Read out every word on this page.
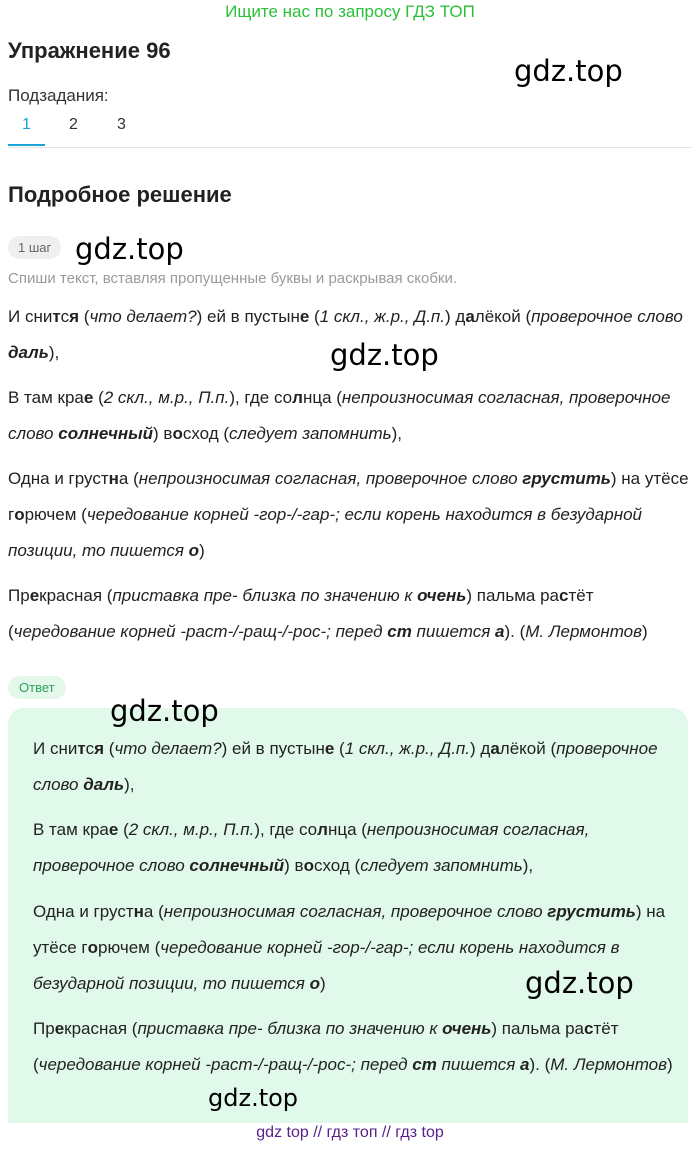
Ищите нас по запросу ГДЗ ТОП
Упражнение 96
gdz.top
Подзадания:
1 2 3
Подробное решение
1 шаг gdz.top
Спиши текст, вставляя пропущенные буквы и раскрывая скобки.
И снится (что делает?) ей в пустыне (1 скл., ж.р., Д.п.) далёкой (проверочное слово даль),	gdz.top
В там крае (2 скл., м.р., П.п.), где солнца (непроизносимая согласная, проверочное слово солнечный) восход (следует запомнить),
Одна и грустна (непроизносимая согласная, проверочное слово грустить) на утёсе горючем (чередование корней -гор-/-гар-; если корень находится в безударной позиции, то пишется о)
Прекрасная (приставка пре- близка по значению к очень) пальма растёт (чередование корней -раст-/-ращ-/-рос-; перед ст пишется а). (М. Лермонтов)
Ответ
gdz.top
И снится (что делает?) ей в пустыне (1 скл., ж.р., Д.п.) далёкой (проверочное слово даль),
В там крае (2 скл., м.р., П.п.), где солнца (непроизносимая согласная, проверочное слово солнечный) восход (следует запомнить),
Одна и грустна (непроизносимая согласная, проверочное слово грустить) на утёсе горючем (чередование корней -гор-/-гар-; если корень находится в безударной позиции, то пишется о)	gdz.top
Прекрасная (приставка пре- близка по значению к очень) пальма растёт (чередование корней -раст-/-ращ-/-рос-; перед ст пишется а). (М. Лермонтов)
gdz.top
gdz top // гдз топ // гдз top
